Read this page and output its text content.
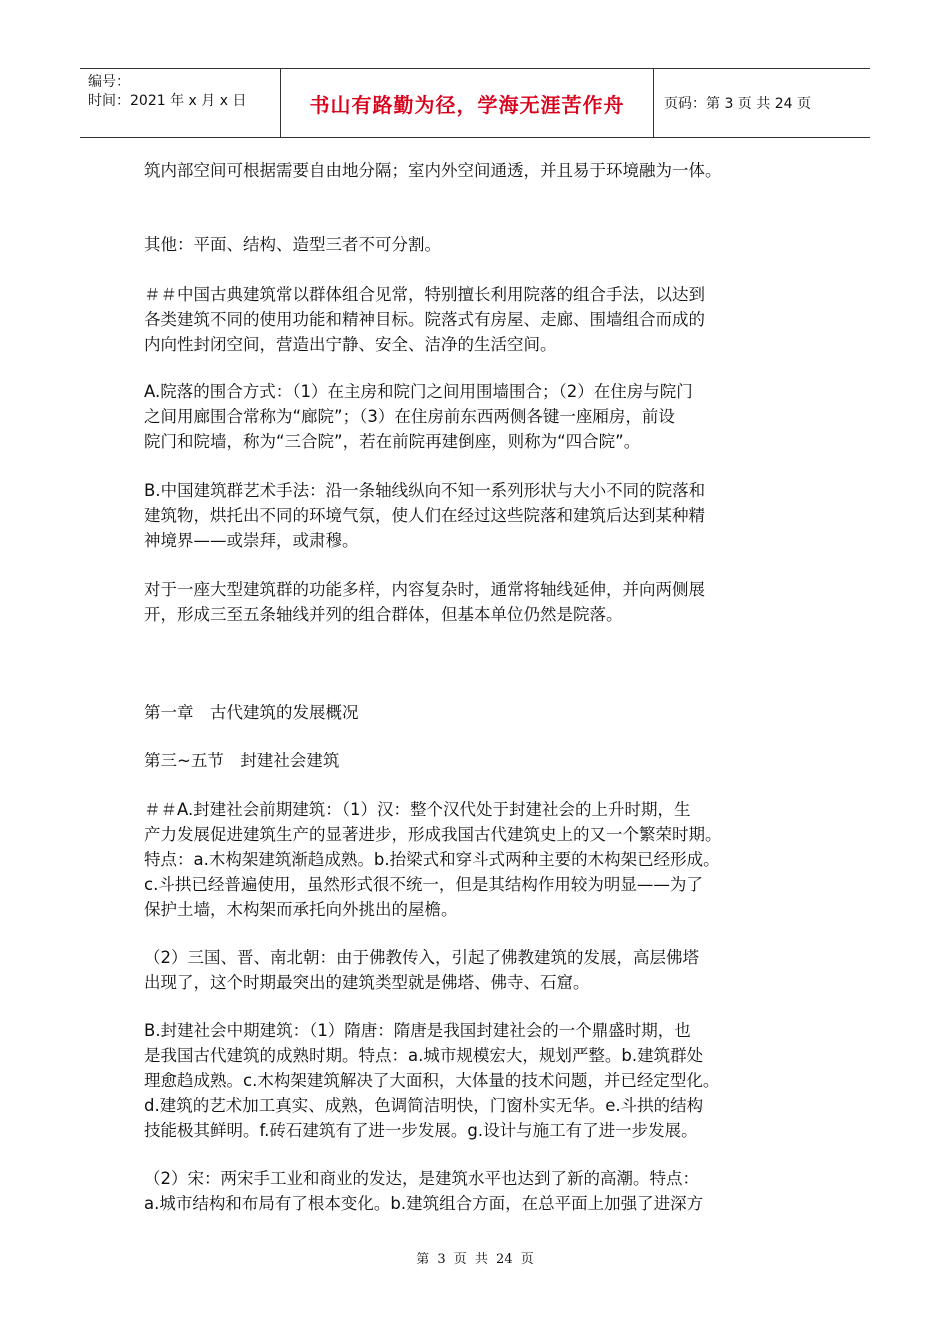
编号：
时间：2021 年 x 月 x 日	书山有路勤为径，学海无涯苦作舟	页码：第 3 页 共 24 页
筑内部空间可根据需要自由地分隔；室内外空间通透，并且易于环境融为一体。
其他：平面、结构、造型三者不可分割。
＃＃中国古典建筑常以群体组合见常，特别擅长利用院落的组合手法，以达到
各类建筑不同的使用功能和精神目标。院落式有房屋、走廊、围墙组合而成的
内向性封闭空间，营造出宁静、安全、洁净的生活空间。
A.院落的围合方式：（1）在主房和院门之间用围墙围合；（2）在住房与院门
之间用廊围合常称为“廊院”；（3）在住房前东西两侧各键一座厢房，前设
院门和院墙，称为“三合院”，若在前院再建倒座，则称为“四合院”。
B.中国建筑群艺术手法：沿一条轴线纵向不知一系列形状与大小不同的院落和
建筑物，烘托出不同的环境气氛，使人们在经过这些院落和建筑后达到某种精
神境界——或崇拜，或肃穆。
对于一座大型建筑群的功能多样，内容复杂时，通常将轴线延伸，并向两侧展
开，形成三至五条轴线并列的组合群体，但基本单位仍然是院落。
第一章　古代建筑的发展概况
第三~五节　封建社会建筑
＃＃A.封建社会前期建筑：（1）汉：整个汉代处于封建社会的上升时期，生
产力发展促进建筑生产的显著进步，形成我国古代建筑史上的又一个繁荣时期。
特点：a.木构架建筑渐趋成熟。b.抬梁式和穿斗式两种主要的木构架已经形成。
c.斗拱已经普遍使用，虽然形式很不统一，但是其结构作用较为明显——为了
保护土墙，木构架而承托向外挑出的屋檐。
（2）三国、晋、南北朝：由于佛教传入，引起了佛教建筑的发展，高层佛塔
出现了，这个时期最突出的建筑类型就是佛塔、佛寺、石窟。
B.封建社会中期建筑：（1）隋唐：隋唐是我国封建社会的一个鼎盛时期，也
是我国古代建筑的成熟时期。特点：a.城市规模宏大，规划严整。b.建筑群处
理愈趋成熟。c.木构架建筑解决了大面积，大体量的技术问题，并已经定型化。
d.建筑的艺术加工真实、成熟，色调简洁明快，门窗朴实无华。e.斗拱的结构
技能极其鲜明。f.砖石建筑有了进一步发展。g.设计与施工有了进一步发展。
（2）宋：两宋手工业和商业的发达，是建筑水平也达到了新的高潮。特点：
a.城市结构和布局有了根本变化。b.建筑组合方面，在总平面上加强了进深方
第 3 页 共 24 页
